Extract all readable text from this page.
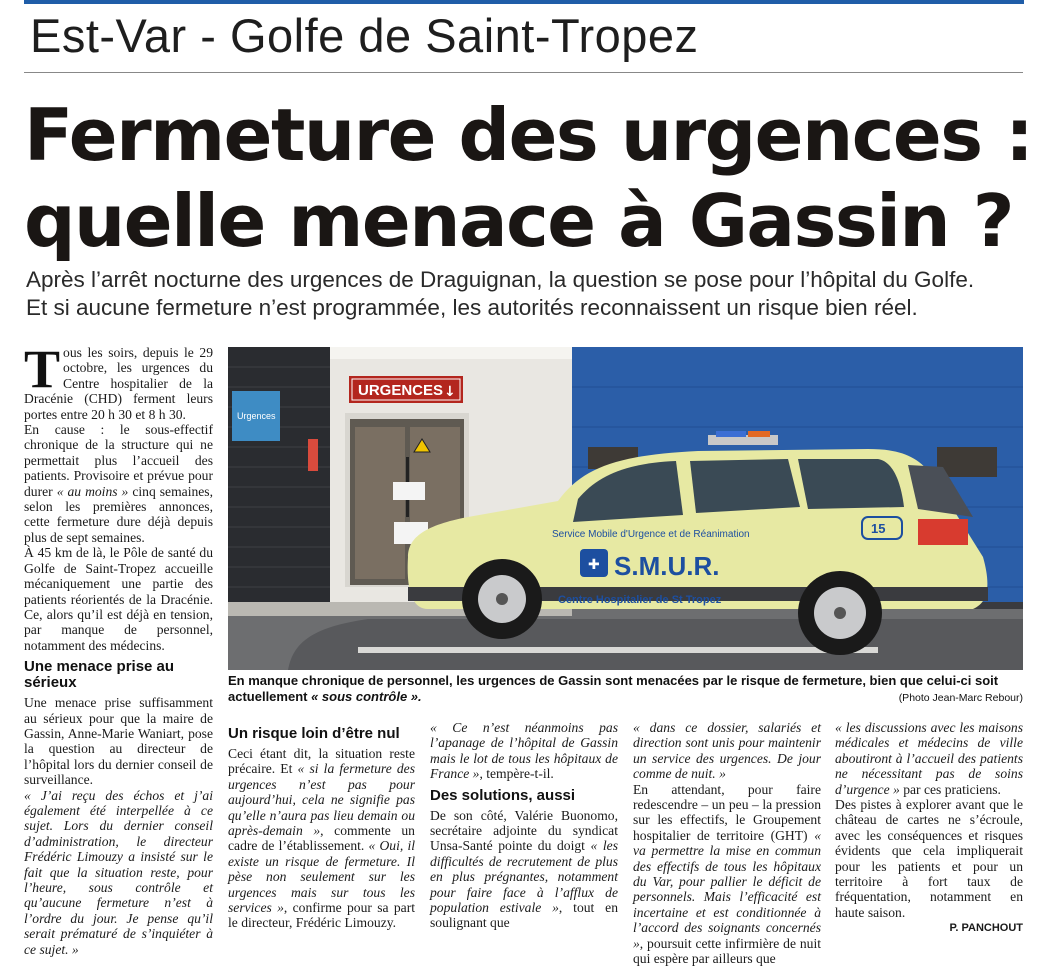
Est-Var - Golfe de Saint-Tropez
Fermeture des urgences :
quelle menace à Gassin ?

Après l’arrêt nocturne des urgences de Draguignan, la question se pose pour l’hôpital du Golfe.
Et si aucune fermeture n’est programmée, les autorités reconnaissent un risque bien réel.

Tous les soirs, depuis le 29 octobre, les urgences du Centre hospitalier de la Dracénie (CHD) ferment leurs portes entre 20 h 30 et 8 h 30.

En cause : le sous-effectif chronique de la structure qui ne permettait plus l’accueil des patients. Provisoire et prévue pour durer « au moins » cinq semaines, selon les premières annonces, cette fermeture dure déjà depuis plus de sept semaines.

À 45 km de là, le Pôle de santé du Golfe de Saint-Tropez accueille mécaniquement une partie des patients réorientés de la Dracénie. Ce, alors qu’il est déjà en tension, par manque de personnel, notamment des médecins.

Une menace prise au sérieux

Une menace prise suffisamment au sérieux pour que la maire de Gassin, Anne-Marie Waniart, pose la question au directeur de l’hôpital lors du dernier conseil de surveillance.

« J’ai reçu des échos et j’ai également été interpellée à ce sujet. Lors du dernier conseil d’administration, le directeur Frédéric Limouzy a insisté sur le fait que la situation reste, pour l’heure, sous contrôle et qu’aucune fermeture n’est à l’ordre du jour. Je pense qu’il serait prématuré de s’inquiéter à ce sujet. »

Urgences
URGENCES ↓
Service Mobile d'Urgence et de Réanimation
✚ S.M.U.R.
Centre Hospitalier de St Tropez
15
En manque chronique de personnel, les urgences de Gassin sont menacées par le risque de fermeture, bien que celui-ci soit actuellement « sous contrôle ».	(Photo Jean-Marc Rebour)
Un risque loin d’être nul

Ceci étant dit, la situation reste précaire. Et « si la fermeture des urgences n’est pas pour aujourd’hui, cela ne signifie pas qu’elle n’aura pas lieu demain ou après-demain », commente un cadre de l’établissement. « Oui, il existe un risque de fermeture. Il pèse non seulement sur les urgences mais sur tous les services », confirme pour sa part le directeur, Frédéric Limouzy.

« Ce n’est néanmoins pas l’apanage de l’hôpital de Gassin mais le lot de tous les hôpitaux de France », tempère-t-il.

Des solutions, aussi

De son côté, Valérie Buonomo, secrétaire adjointe du syndicat Unsa-Santé pointe du doigt « les difficultés de recrutement de plus en plus prégnantes, notamment pour faire face à l’afflux de population estivale », tout en soulignant que

« dans ce dossier, salariés et direction sont unis pour maintenir un service des urgences. De jour comme de nuit. »

En attendant, pour faire redescendre – un peu – la pression sur les effectifs, le Groupement hospitalier de territoire (GHT) « va permettre la mise en commun des effectifs de tous les hôpitaux du Var, pour pallier le déficit de personnels. Mais l’efficacité est incertaine et est conditionnée à l’accord des soignants concernés », poursuit cette infirmière de nuit qui espère par ailleurs que

« les discussions avec les maisons médicales et médecins de ville aboutiront à l’accueil des patients ne nécessitant pas de soins d’urgence » par ces praticiens.

Des pistes à explorer avant que le château de cartes ne s’écroule, avec les conséquences et risques évidents que cela impliquerait pour les patients et pour un territoire à fort taux de fréquentation, notamment en haute saison.

P. PANCHOUT
